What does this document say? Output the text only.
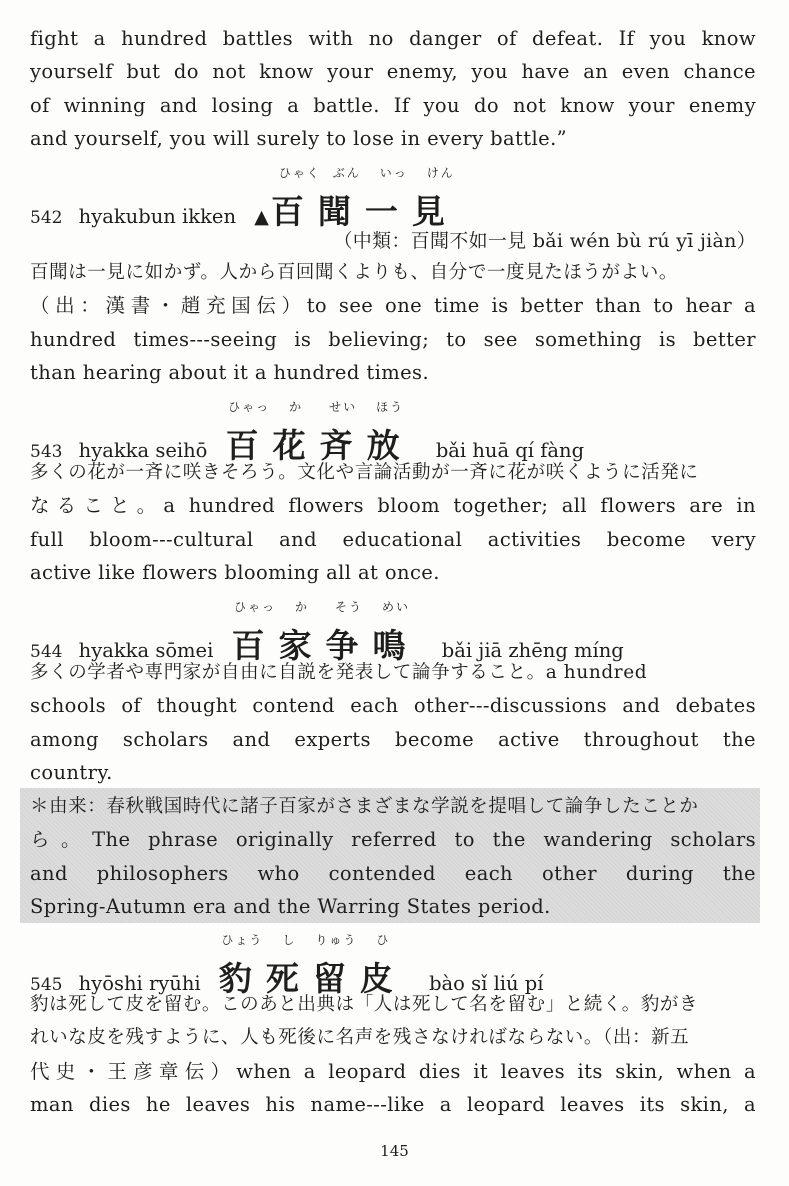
fight a hundred battles with no danger of defeat. If you know
yourself but do not know your enemy, you have an even chance
of winning and losing a battle. If you do not know your enemy
and yourself, you will surely to lose in every battle.”
542 hyakubun ikken
ひゃく ぶん いっ けん
▲百聞一見
（中類：百聞不如一見 bǎi wén bù rú yī jiàn）
百聞は一見に如かず。人から百回聞くよりも、自分で一度見たほうがよい。
（出：漢書・趙充国伝）to see one time is better than to hear a
hundred times---seeing is believing; to see something is better
than hearing about it a hundred times.
543 hyakka seihō
ひゃっ か せい ほう
百花斉放 bǎi huā qí fàng
多くの花が一斉に咲きそろう。文化や言論活動が一斉に花が咲くように活発に
なること。a hundred flowers bloom together; all flowers are in
full bloom---cultural and educational activities become very
active like flowers blooming all at once.
544 hyakka sōmei
ひゃっ か そう めい
百家争鳴 bǎi jiā zhēng míng
多くの学者や専門家が自由に自説を発表して論争すること。a hundred
schools of thought contend each other---discussions and debates
among scholars and experts become active throughout the
country.
＊由来：春秋戦国時代に諸子百家がさまざまな学説を提唱して論争したことか
ら。The phrase originally referred to the wandering scholars
and philosophers who contended each other during the
Spring-Autumn era and the Warring States period.
545 hyōshi ryūhi
ひょう し りゅう ひ
豹死留皮 bào sǐ liú pí
豹は死して皮を留む。このあと出典は「人は死して名を留む」と続く。豹がき
れいな皮を残すように、人も死後に名声を残さなければならない。（出：新五
代史・王彦章伝）when a leopard dies it leaves its skin, when a
man dies he leaves his name---like a leopard leaves its skin, a
145
